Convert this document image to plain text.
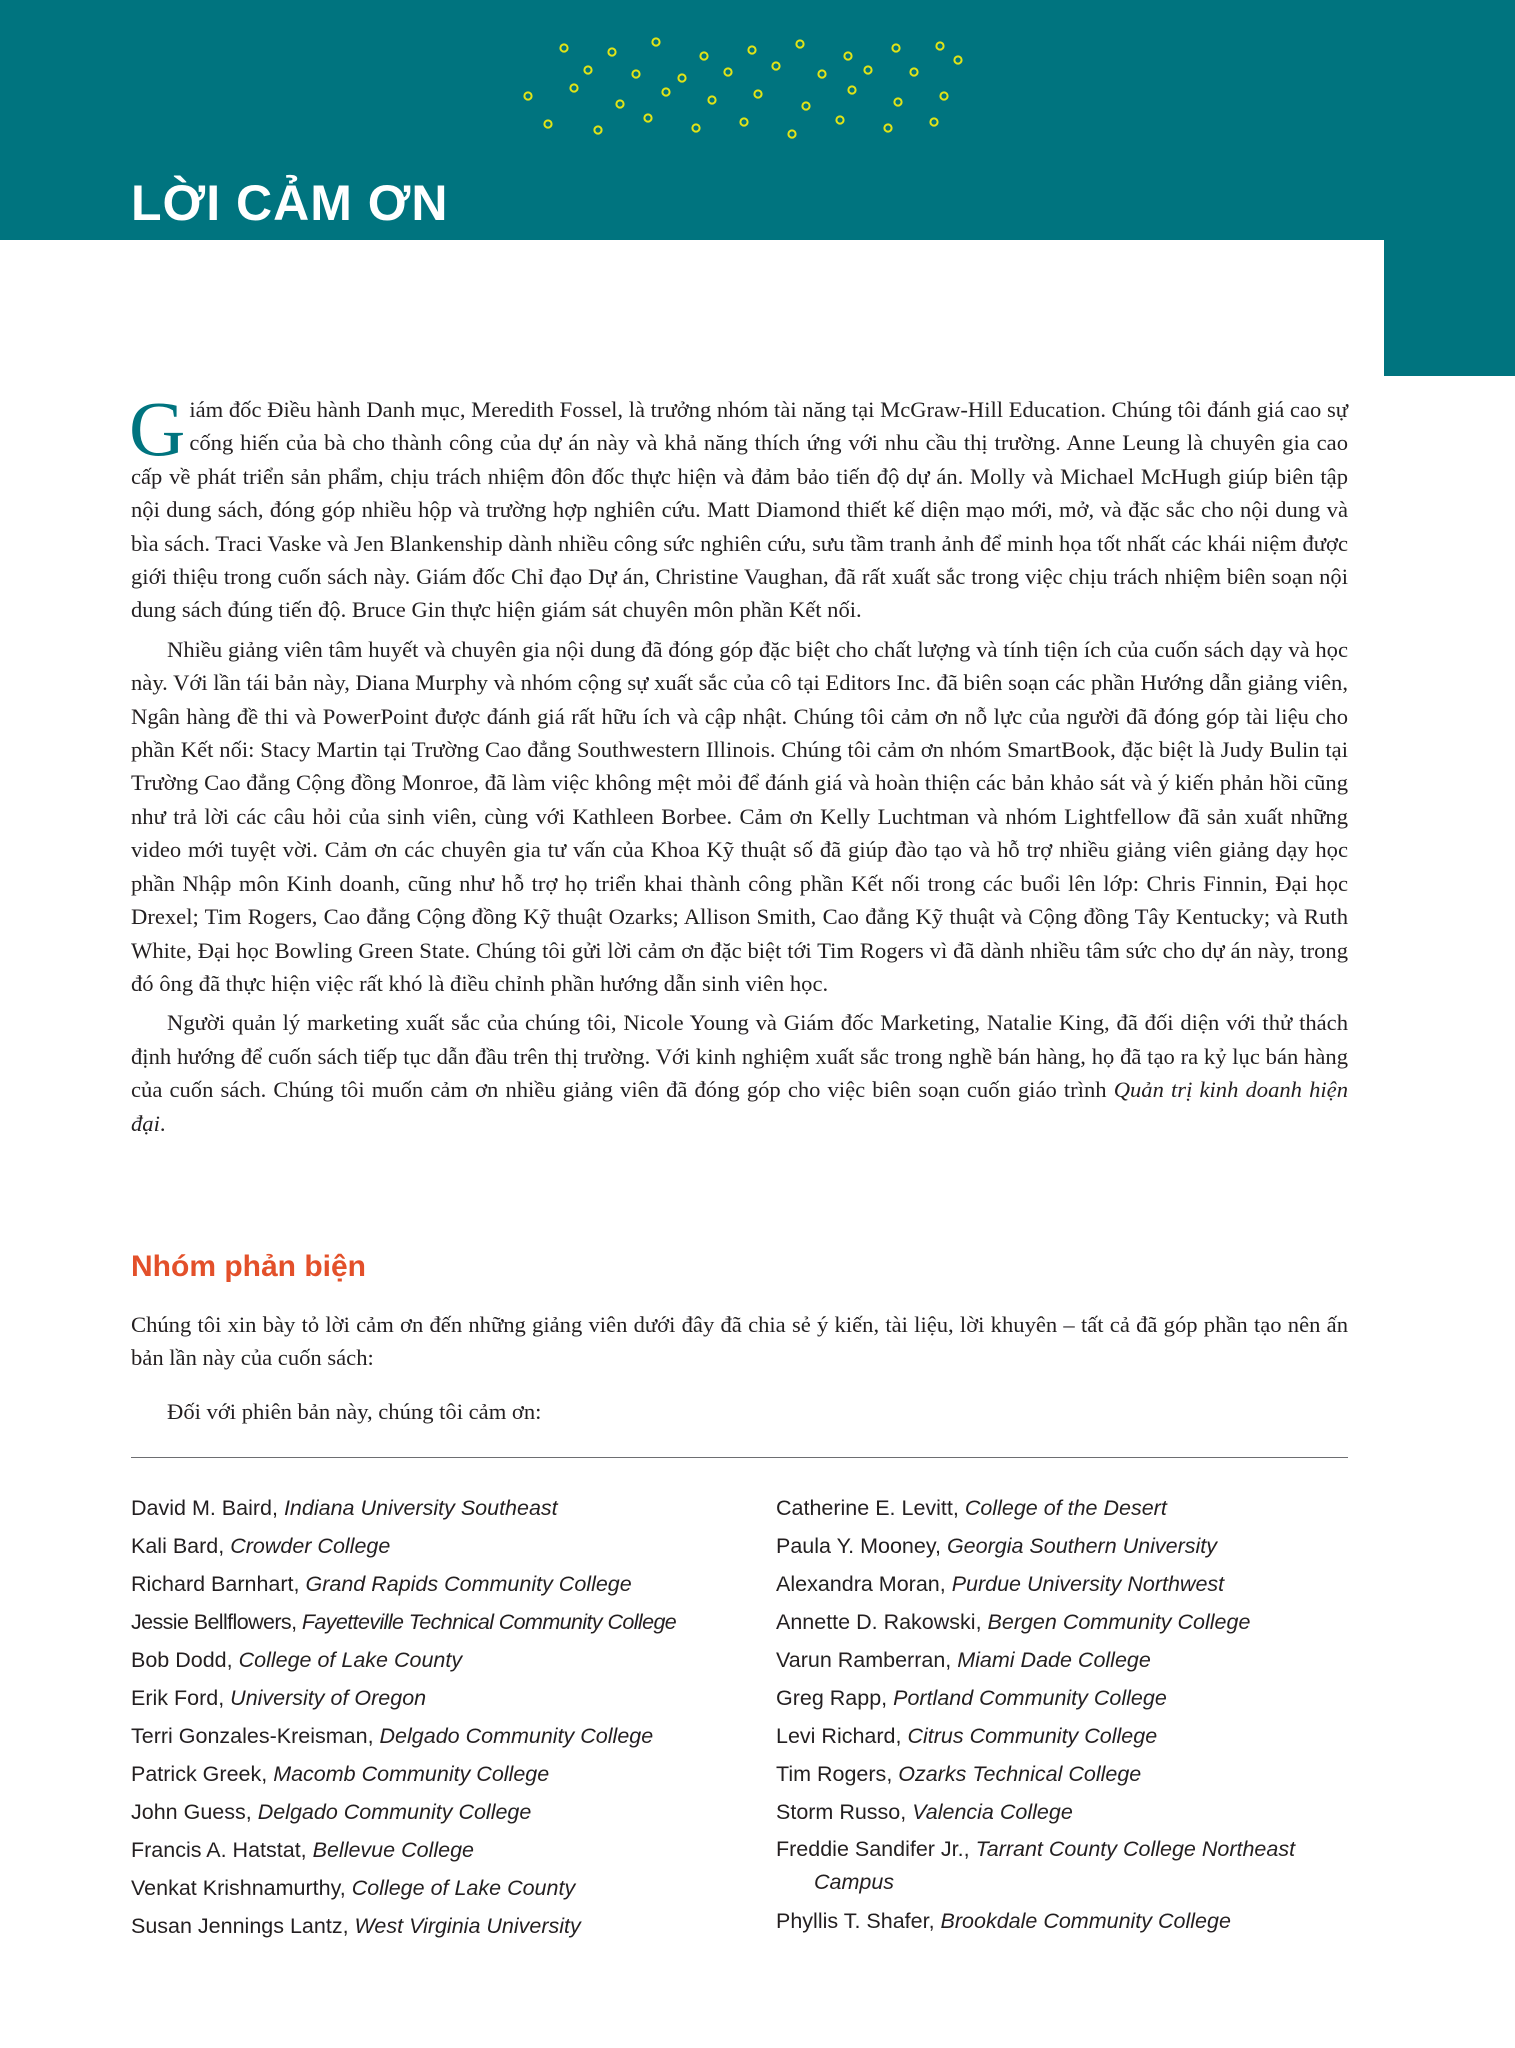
LỜI CẢM ƠN

Giám đốc Điều hành Danh mục, Meredith Fossel, là trưởng nhóm tài năng tại McGraw-Hill Education. Chúng tôi đánh giá cao sự cống hiến của bà cho thành công của dự án này và khả năng thích ứng với nhu cầu thị trường. Anne Leung là chuyên gia cao cấp về phát triển sản phẩm, chịu trách nhiệm đôn đốc thực hiện và đảm bảo tiến độ dự án. Molly và Michael McHugh giúp biên tập nội dung sách, đóng góp nhiều hộp và trường hợp nghiên cứu. Matt Diamond thiết kế diện mạo mới, mở, và đặc sắc cho nội dung và bìa sách. Traci Vaske và Jen Blankenship dành nhiều công sức nghiên cứu, sưu tầm tranh ảnh để minh họa tốt nhất các khái niệm được giới thiệu trong cuốn sách này. Giám đốc Chỉ đạo Dự án, Christine Vaughan, đã rất xuất sắc trong việc chịu trách nhiệm biên soạn nội dung sách đúng tiến độ. Bruce Gin thực hiện giám sát chuyên môn phần Kết nối.

Nhiều giảng viên tâm huyết và chuyên gia nội dung đã đóng góp đặc biệt cho chất lượng và tính tiện ích của cuốn sách dạy và học này. Với lần tái bản này, Diana Murphy và nhóm cộng sự xuất sắc của cô tại Editors Inc. đã biên soạn các phần Hướng dẫn giảng viên, Ngân hàng đề thi và PowerPoint được đánh giá rất hữu ích và cập nhật. Chúng tôi cảm ơn nỗ lực của người đã đóng góp tài liệu cho phần Kết nối: Stacy Martin tại Trường Cao đẳng Southwestern Illinois. Chúng tôi cảm ơn nhóm SmartBook, đặc biệt là Judy Bulin tại Trường Cao đẳng Cộng đồng Monroe, đã làm việc không mệt mỏi để đánh giá và hoàn thiện các bản khảo sát và ý kiến phản hồi cũng như trả lời các câu hỏi của sinh viên, cùng với Kathleen Borbee. Cảm ơn Kelly Luchtman và nhóm Lightfellow đã sản xuất những video mới tuyệt vời. Cảm ơn các chuyên gia tư vấn của Khoa Kỹ thuật số đã giúp đào tạo và hỗ trợ nhiều giảng viên giảng dạy học phần Nhập môn Kinh doanh, cũng như hỗ trợ họ triển khai thành công phần Kết nối trong các buổi lên lớp: Chris Finnin, Đại học Drexel; Tim Rogers, Cao đẳng Cộng đồng Kỹ thuật Ozarks; Allison Smith, Cao đẳng Kỹ thuật và Cộng đồng Tây Kentucky; và Ruth White, Đại học Bowling Green State. Chúng tôi gửi lời cảm ơn đặc biệt tới Tim Rogers vì đã dành nhiều tâm sức cho dự án này, trong đó ông đã thực hiện việc rất khó là điều chỉnh phần hướng dẫn sinh viên học.

Người quản lý marketing xuất sắc của chúng tôi, Nicole Young và Giám đốc Marketing, Natalie King, đã đối diện với thử thách định hướng để cuốn sách tiếp tục dẫn đầu trên thị trường. Với kinh nghiệm xuất sắc trong nghề bán hàng, họ đã tạo ra kỷ lục bán hàng của cuốn sách. Chúng tôi muốn cảm ơn nhiều giảng viên đã đóng góp cho việc biên soạn cuốn giáo trình Quản trị kinh doanh hiện đại.

Nhóm phản biện

Chúng tôi xin bày tỏ lời cảm ơn đến những giảng viên dưới đây đã chia sẻ ý kiến, tài liệu, lời khuyên – tất cả đã góp phần tạo nên ấn bản lần này của cuốn sách:

Đối với phiên bản này, chúng tôi cảm ơn:

David M. Baird, Indiana University Southeast
Kali Bard, Crowder College
Richard Barnhart, Grand Rapids Community College
Jessie Bellflowers, Fayetteville Technical Community College
Bob Dodd, College of Lake County
Erik Ford, University of Oregon
Terri Gonzales-Kreisman, Delgado Community College
Patrick Greek, Macomb Community College
John Guess, Delgado Community College
Francis A. Hatstat, Bellevue College
Venkat Krishnamurthy, College of Lake County
Susan Jennings Lantz, West Virginia University
Catherine E. Levitt, College of the Desert
Paula Y. Mooney, Georgia Southern University
Alexandra Moran, Purdue University Northwest
Annette D. Rakowski, Bergen Community College
Varun Ramberran, Miami Dade College
Greg Rapp, Portland Community College
Levi Richard, Citrus Community College
Tim Rogers, Ozarks Technical College
Storm Russo, Valencia College
Freddie Sandifer Jr., Tarrant County College Northeast Campus
Phyllis T. Shafer, Brookdale Community College
